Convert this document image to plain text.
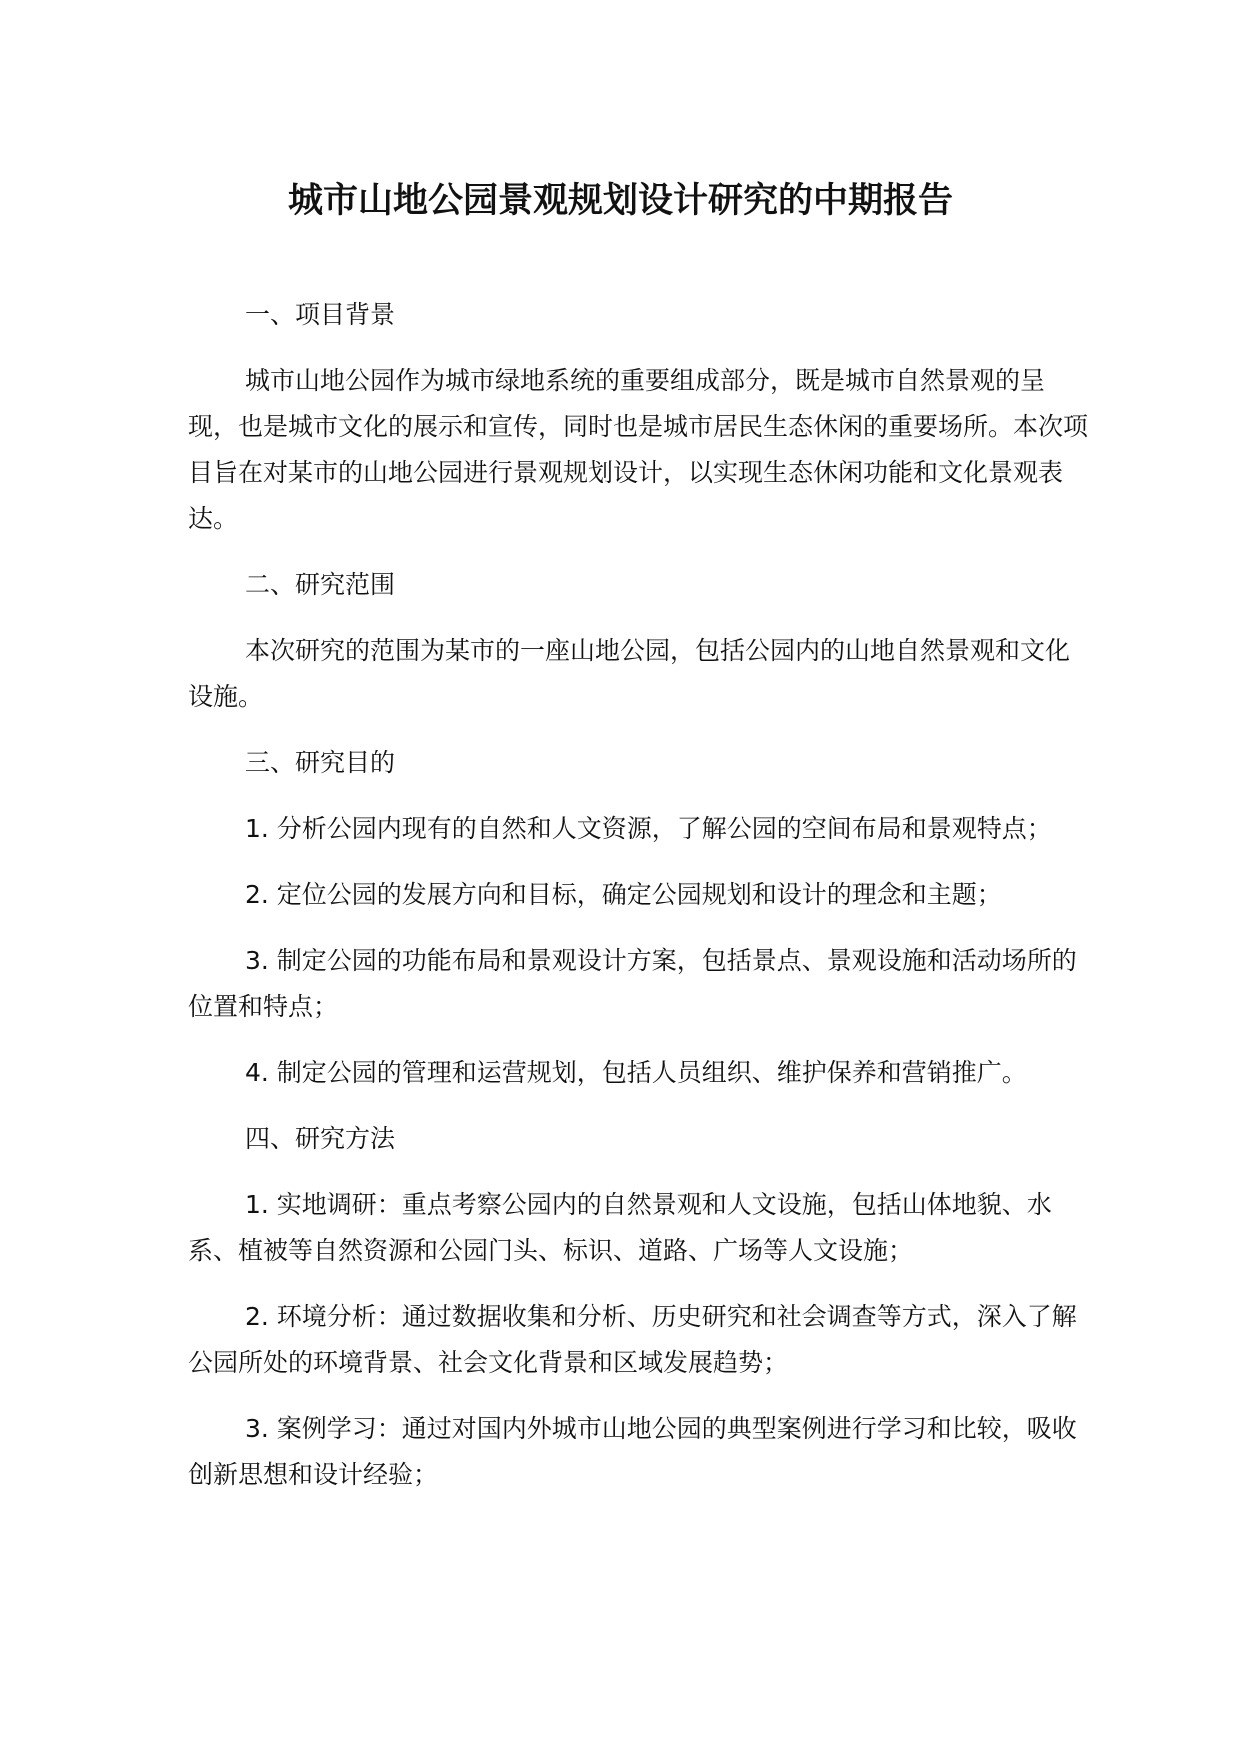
城市山地公园景观规划设计研究的中期报告
一、项目背景
城市山地公园作为城市绿地系统的重要组成部分，既是城市自然景观的呈现，也是城市文化的展示和宣传，同时也是城市居民生态休闲的重要场所。本次项目旨在对某市的山地公园进行景观规划设计，以实现生态休闲功能和文化景观表达。
二、研究范围
本次研究的范围为某市的一座山地公园，包括公园内的山地自然景观和文化设施。
三、研究目的
1. 分析公园内现有的自然和人文资源，了解公园的空间布局和景观特点；
2. 定位公园的发展方向和目标，确定公园规划和设计的理念和主题；
3. 制定公园的功能布局和景观设计方案，包括景点、景观设施和活动场所的位置和特点；
4. 制定公园的管理和运营规划，包括人员组织、维护保养和营销推广。
四、研究方法
1. 实地调研：重点考察公园内的自然景观和人文设施，包括山体地貌、水系、植被等自然资源和公园门头、标识、道路、广场等人文设施；
2. 环境分析：通过数据收集和分析、历史研究和社会调查等方式，深入了解公园所处的环境背景、社会文化背景和区域发展趋势；
3. 案例学习：通过对国内外城市山地公园的典型案例进行学习和比较，吸收创新思想和设计经验；
